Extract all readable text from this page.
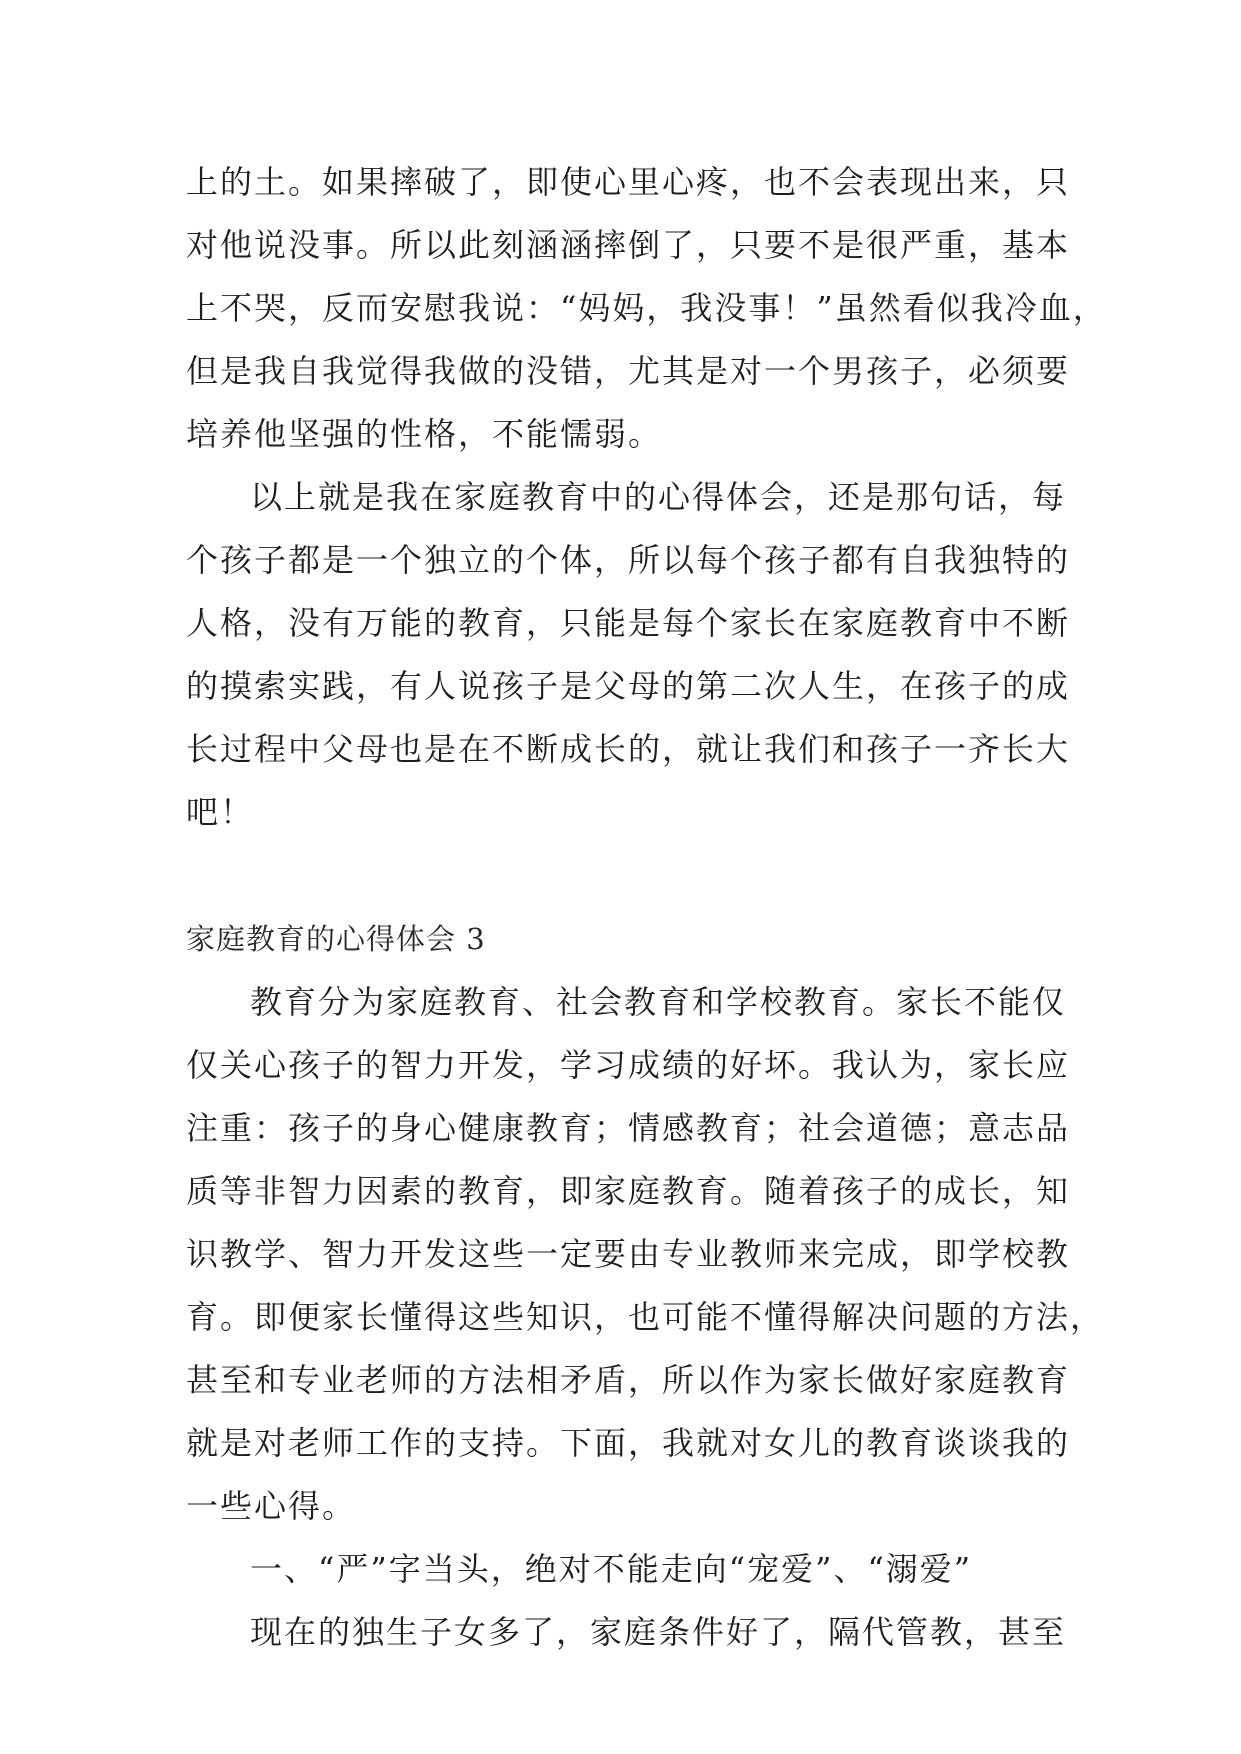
上的土。如果摔破了，即使心里心疼，也不会表现出来，只
对他说没事。所以此刻涵涵摔倒了，只要不是很严重，基本
上不哭，反而安慰我说：“妈妈，我没事！”虽然看似我冷血，
但是我自我觉得我做的没错，尤其是对一个男孩子，必须要
培养他坚强的性格，不能懦弱。
以上就是我在家庭教育中的心得体会，还是那句话，每
个孩子都是一个独立的个体，所以每个孩子都有自我独特的
人格，没有万能的教育，只能是每个家长在家庭教育中不断
的摸索实践，有人说孩子是父母的第二次人生，在孩子的成
长过程中父母也是在不断成长的，就让我们和孩子一齐长大
吧！
家庭教育的心得体会 3
教育分为家庭教育、社会教育和学校教育。家长不能仅
仅关心孩子的智力开发，学习成绩的好坏。我认为，家长应
注重：孩子的身心健康教育；情感教育；社会道德；意志品
质等非智力因素的教育，即家庭教育。随着孩子的成长，知
识教学、智力开发这些一定要由专业教师来完成，即学校教
育。即便家长懂得这些知识，也可能不懂得解决问题的方法，
甚至和专业老师的方法相矛盾，所以作为家长做好家庭教育
就是对老师工作的支持。下面，我就对女儿的教育谈谈我的
一些心得。
一、“严”字当头，绝对不能走向“宠爱”、“溺爱”
现在的独生子女多了，家庭条件好了，隔代管教，甚至
